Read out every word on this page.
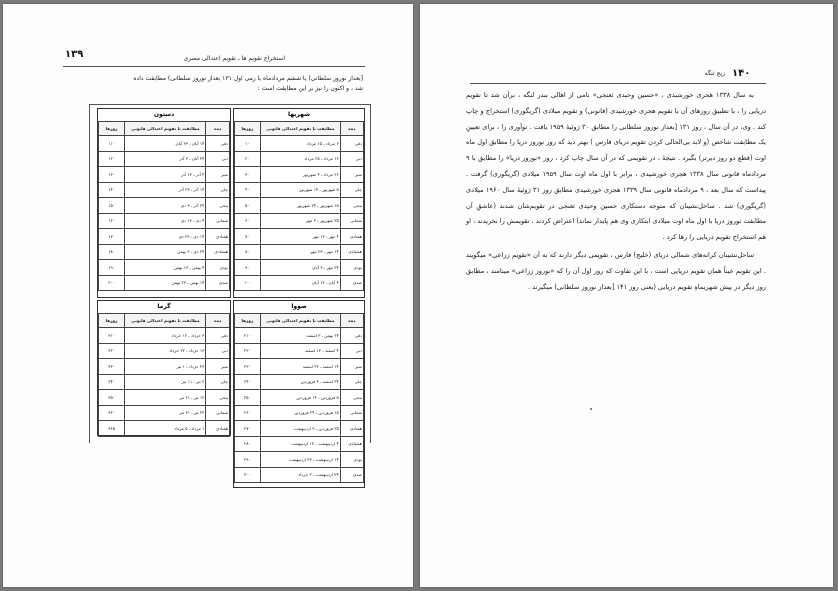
۱۳۹	استخراج تقویم ها ـ تقویم اعتدالی مصری
[بعداز نوروز سلطانی) یا ششم مردادماه با زمی اول ۱۳۱ بعداز نوروز سلطانی) مطابقت داده
شد ، و اکنون را نیز بر این مطابقت است :
شهریها
ده‌ه	مطابقت با تقویم اعتدالی قانونی	روزها
دقی	۶ مرداد ـ ۱۵ مرداد	۱۰
دبی	۱۶ مرداد ـ ۲۵ مرداد	۲۰
سیر	۲۶ مرداد ـ ۴ شهریور	۳۰
چلی	۵ شهریور ـ ۱۴ شهریور	۴۰
پنجی	۱۵ شهریور ـ ۲۴ شهریور	۵۰
شمانی	۲۵ شهریور ـ ۳ مهر	۶۰
هفتادی	۴ مهر ـ ۱۳ مهر	۷۰
هشتادی	۱۴ مهر ـ ۲۳ مهر	۸۰
نودی	۲۴ مهر ـ ۳ آبان	۹۰
صدی	۴ آبان ـ ۱۳ آبان	۱۰۰
دستون
ده‌ه	مطابقت با تقویم اعتدالی قانونی	روزها
دقی	۱۴ آبان ـ ۲۳ آبان	۱۱۰
دبی	۲۴ آبان ـ ۳ آذر	۱۲۰
سیر	۴ آذر ـ ۱۳ آذر	۱۳۰
چلی	۱۴ آذر ـ ۲۳ آذر	۱۴۰
پنجی	۲۴ آذر ـ ۳ دی	۱۵۰
شمانی	۴ دی ـ ۱۳ دی	۱۶۰
هفتادی	۱۴ دی ـ ۲۳ دی	۱۷۰
هشتادی	۲۴ دی ـ ۳ بهمن	۱۸۰
نودی	۴ بهمن ـ ۱۳ بهمن	۱۹۰
صدی	۱۴ بهمن ـ ۲۳ بهمن	۲۰۰
صووا
ده‌ه	مطابقت با تقویم اعتدالی قانونی	روزها
دقی	۲۴ بهمن ـ ۳ اسفند	۲۱۰
دبی	۴ اسفند ـ ۱۳ اسفند	۲۲۰
سیر	۱۴ اسفند ـ ۲۳ اسفند	۲۳۰
چلی	۲۴ اسفند ـ ۴ فروردین	۲۴۰
پنجی	۵ فروردین ـ ۱۴ فروردین	۲۵۰
شمانی	۱۵ فروردین ـ ۲۴ فروردین	۲۶۰
هفتادی	۲۵ فروردین ـ ۳ اردیبهشت	۲۷۰
هشتادی	۴ اردیبهشت ـ ۱۳ اردیبهشت	۲۸۰
نودی	۱۴ اردیبهشت ـ ۲۳ اردیبهشت	۲۹۰
صدی	۲۴ اردیبهشت ـ ۲ خرداد	۳۰۰
گرما
ده‌ه	مطابقت با تقویم اعتدالی قانونی	روزها
دقی	۳ خرداد ـ ۱۲ خرداد	۳۱۰
دبی	۱۳ خرداد ـ ۲۲ خرداد	۳۲۰
سیر	۲۳ خرداد ـ ۱ تیر	۳۳۰
چلی	۲ تیر ـ ۱۱ تیر	۳۴۰
پنجی	۱۲ تیر ـ ۲۱ تیر	۳۵۰
شمانی	۲۲ تیر ـ ۳۱ تیر	۳۶۰
هفتادی	۱ مرداد ـ ۵ مرداد	۳۶۵
۱۴۰
زیج ثنگه
به سال ۱۳۳۸ هجری خورشیدی ، «حسین وحیدی ثغنجی» نامی از اهالی بندر لنگه ، برآن شد تا تقویم دریایی را ، با تطبیق روزهای آن با تقویم هجری خورشیدی (قانونی) و تقویم میلادی (گریگوری) استخراج و چاپ کند . وی، در آن سال ، روز ۱۳۱ [بعداز نوروز سلطانی را مطابق ۳۰ ژوئیهٔ ۱۹۵۹ یافت . نوآوری را ، برای تعیینِ یک مطابقت شاخص (و لابد بی‌الحالی کردن تقویم دریای فارس ) بهتر دید که روز نوروز دریا را مطابق اول ماه اوت (قطع دو روز دیرتر) بگیرد . نتیجهٔ ، در تقویمی که در آن سال چاپ کرد ، روز «نوروز دریا» را مطابق با ۹ مردادماه قانونی سال ۱۳۳۸ هجری خورشیدی ، برابر با اول ماه اوت سال ۱۹۵۹ میلادی (گریگوری) گرفت . پیداست که سال بعد ، ۹ مردادماه قانونی سال ۱۳۳۹ هجری خورشیدی مطابق روز ۳۱ ژوئیهٔ سال ۱۹۶۰ میلادی (گریگوری) شد . ساحل‌نشینان که متوجه دستکاری حسین وحیدی ثغنجی در تقویم‌شان شدند (عاشقِ آن مطابقت نوروز دریا با اول ماه اوت میلادی ابتکاری وی هم پایدار نماند) اعتراض کردند ، تقویمش را نخریدند ، او هم استخراج تقویم دریایی را رها کرد .
ساحل‌نشینان کرانه‌های شمالی دریای (خلیج) فارس ، تقویمی دیگر دارند که به آن «تقویم زراعی» میگویند . این تقویم عیناً همان تقویم دریایی است ، با این تفاوت که روز اول آن را که «نوروز زراعی» مینامند ، مطابق روز دیگر در پیش شهریماهِ تقویم دریایی (یعنی روز ۱۴۱ [بعداز نوروز سلطانی) میگیرند .
